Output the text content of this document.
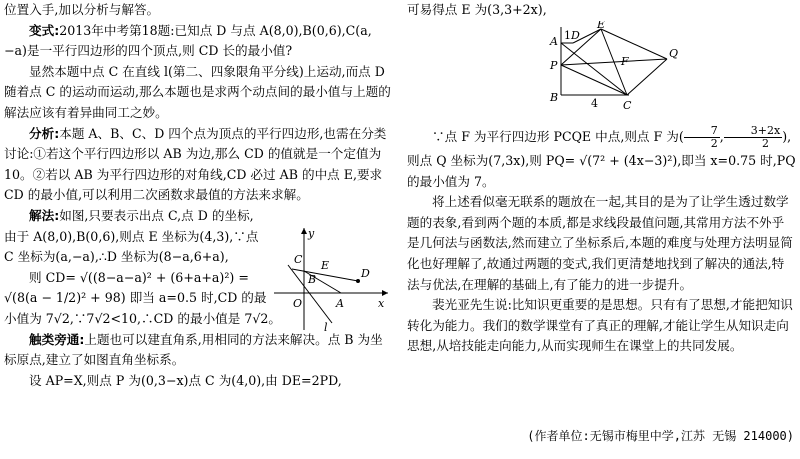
位置入手,加以分析与解答。

变式:2013年中考第18题:已知点 D 与点 A(8,0),B(0,6),C(a,−a)是一平行四边形的四个顶点,则 CD 长的最小值?

显然本题中点 C 在直线 l(第二、四象限角平分线)上运动,而点 D 随着点 C 的运动而运动,那么本题也是求两个动点间的最小值与上题的解法应该有着异曲同工之妙。

分析:本题 A、B、C、D 四个点为顶点的平行四边形,也需在分类讨论:①若这个平行四边形以 AB 为边,那么 CD 的值就是一个定值为10。②若以 AB 为平行四边形的对角线,CD 必过 AB 的中点 E,要求 CD 的最小值,可以利用二次函数求最值的方法来求解。

解法:如图,只要表示出点 C,点 D 的坐标,由于 A(8,0),B(0,6),则点 E 坐标为(4,3),∵点 C 坐标为(a,−a),∴D 坐标为(8−a,6+a),

则 CD= √((8−a−a)² + (6+a+a)²) =

√(8(a − 1/2)² + 98) 即当 a=0.5 时,CD 的最

小值为 7√2,∵7√2<10,∴CD 的最小值是 7√2。

触类旁通:上题也可以建直角系,用相同的方法来解决。点 B 为坐标原点,建立了如图直角坐标系。

设 AP=X,则点 P 为(0,3−x)点 C 为(4,0),由 DE=2PD,

y
C E
B	D
x
O	A
l

可易得点 E 为(3,3+2x),

A 1 D
E
F
Q
P
B	4 C

∵点 F 为平行四边形 PCQE 中点,则点 F 为( $\frac{7}{2}$ , $\frac{3+2x}{2}$ ),

则点 Q 坐标为(7,3x),则 PQ= √(7² + (4x−3)²),即当 x=0.75 时,PQ 的最小值为 7。

将上述看似毫无联系的题放在一起,其目的是为了让学生透过数学题的表象,看到两个题的本质,都是求线段最值问题,其常用方法不外乎是几何法与函数法,然而建立了坐标系后,本题的难度与处理方法明显简化也好理解了,故通过两题的变式,我们更清楚地找到了解决的通法,特法与优法,在理解的基础上,有了能力的进一步提升。

裴光亚先生说:比知识更重要的是思想。只有有了思想,才能把知识转化为能力。我们的数学课堂有了真正的理解,才能让学生从知识走向思想,从培技能走向能力,从而实现师生在课堂上的共同发展。

(作者单位:无锡市梅里中学,江苏 无锡 214000)
